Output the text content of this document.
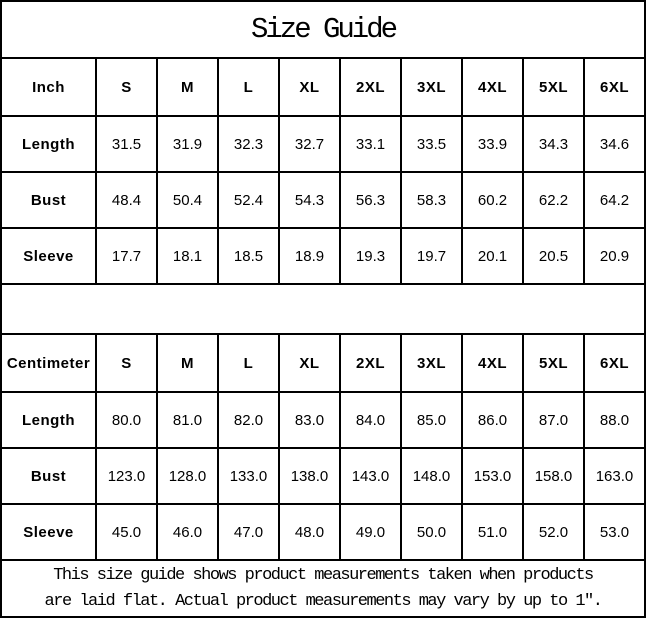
Size Guide
Inch	S	M	L	XL	2XL	3XL	4XL	5XL	6XL
Length	31.5	31.9	32.3	32.7	33.1	33.5	33.9	34.3	34.6
Bust	48.4	50.4	52.4	54.3	56.3	58.3	60.2	62.2	64.2
Sleeve	17.7	18.1	18.5	18.9	19.3	19.7	20.1	20.5	20.9
Centimeter	S	M	L	XL	2XL	3XL	4XL	5XL	6XL
Length	80.0	81.0	82.0	83.0	84.0	85.0	86.0	87.0	88.0
Bust	123.0	128.0	133.0	138.0	143.0	148.0	153.0	158.0	163.0
Sleeve	45.0	46.0	47.0	48.0	49.0	50.0	51.0	52.0	53.0
This size guide shows product measurements taken when products
are laid flat. Actual product measurements may vary by up to 1″.
